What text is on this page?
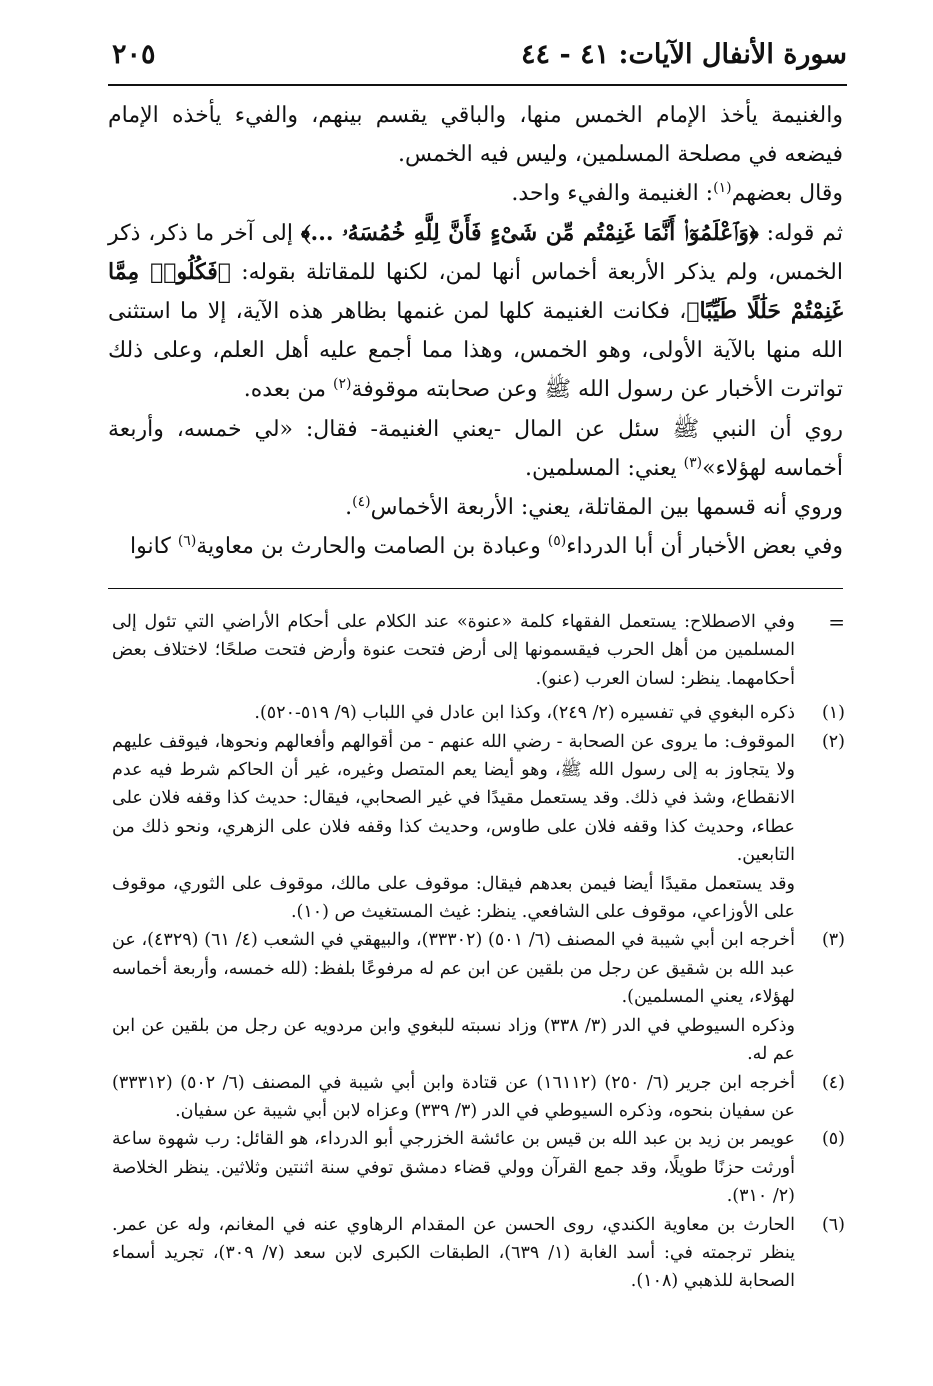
سورة الأنفال الآيات: ٤١ - ٤٤
٢٠٥

والغنيمة يأخذ الإمام الخمس منها، والباقي يقسم بينهم، والفيء يأخذه الإمام فيضعه في مصلحة المسلمين، وليس فيه الخمس.

وقال بعضهم$^{(١)}$: الغنيمة والفيء واحد.

ثم قوله: ﴿وَٱعْلَمُوٓا۟ أَنَّمَا غَنِمْتُم مِّن شَىْءٍ فَأَنَّ لِلَّهِ خُمُسَهُۥ ...﴾ إلى آخر ما ذكر، ذكر الخمس، ولم يذكر الأربعة أخماس أنها لمن، لكنها للمقاتلة بقوله: ﴿فَكُلُوا۟ مِمَّا غَنِمْتُمْ حَلَٰلًا طَيِّبًا﴾، فكانت الغنيمة كلها لمن غنمها بظاهر هذه الآية، إلا ما استثنى الله منها بالآية الأولى، وهو الخمس، وهذا مما أجمع عليه أهل العلم، وعلى ذلك تواترت الأخبار عن رسول الله ﷺ وعن صحابته موقوفة$^{(٢)}$ من بعده.

روي أن النبي ﷺ سئل عن المال -يعني الغنيمة- فقال: «لي خمسه، وأربعة أخماسه لهؤلاء»$^{(٣)}$ يعني: المسلمين.

وروي أنه قسمها بين المقاتلة، يعني: الأربعة الأخماس$^{(٤)}$.

وفي بعض الأخبار أن أبا الدرداء$^{(٥)}$ وعبادة بن الصامت والحارث بن معاوية$^{(٦)}$ كانوا

=
وفي الاصطلاح: يستعمل الفقهاء كلمة «عنوة» عند الكلام على أحكام الأراضي التي تئول إلى المسلمين من أهل الحرب فيقسمونها إلى أرض فتحت عنوة وأرض فتحت صلحًا؛ لاختلاف بعض أحكامهما. ينظر: لسان العرب (عنو).

(١)
ذكره البغوي في تفسيره (٢/ ٢٤٩)، وكذا ابن عادل في اللباب (٩/ ٥١٩-٥٢٠).

(٢)
الموقوف: ما يروى عن الصحابة - رضي الله عنهم - من أقوالهم وأفعالهم ونحوها، فيوقف عليهم ولا يتجاوز به إلى رسول الله ﷺ، وهو أيضا يعم المتصل وغيره، غير أن الحاكم شرط فيه عدم الانقطاع، وشذ في ذلك. وقد يستعمل مقيدًا في غير الصحابي، فيقال: حديث كذا وقفه فلان على عطاء، وحديث كذا وقفه فلان على طاوس، وحديث كذا وقفه فلان على الزهري، ونحو ذلك من التابعين.

وقد يستعمل مقيدًا أيضا فيمن بعدهم فيقال: موقوف على مالك، موقوف على الثوري، موقوف على الأوزاعي، موقوف على الشافعي. ينظر: غيث المستغيث ص (١٠).

(٣)
أخرجه ابن أبي شيبة في المصنف (٦/ ٥٠١) (٣٣٣٠٢)، والبيهقي في الشعب (٤/ ٦١) (٤٣٢٩)، عن عبد الله بن شقيق عن رجل من بلقين عن ابن عم له مرفوعًا بلفظ: (لله خمسه، وأربعة أخماسه لهؤلاء، يعني المسلمين).

وذكره السيوطي في الدر (٣/ ٣٣٨) وزاد نسبته للبغوي وابن مردويه عن رجل من بلقين عن ابن عم له.

(٤)
أخرجه ابن جرير (٦/ ٢٥٠) (١٦١١٢) عن قتادة وابن أبي شيبة في المصنف (٦/ ٥٠٢) (٣٣٣١٢) عن سفيان بنحوه، وذكره السيوطي في الدر (٣/ ٣٣٩) وعزاه لابن أبي شيبة عن سفيان.

(٥)
عويمر بن زيد بن عبد الله بن قيس بن عائشة الخزرجي أبو الدرداء، هو القائل: رب شهوة ساعة أورثت حزنًا طويلًا، وقد جمع القرآن وولي قضاء دمشق توفي سنة اثنتين وثلاثين. ينظر الخلاصة (٢/ ٣١٠).

(٦)
الحارث بن معاوية الكندي، روى الحسن عن المقدام الرهاوي عنه في المغانم، وله عن عمر. ينظر ترجمته في: أسد الغابة (١/ ٦٣٩)، الطبقات الكبرى لابن سعد (٧/ ٣٠٩)، تجريد أسماء الصحابة للذهبي (١٠٨).
